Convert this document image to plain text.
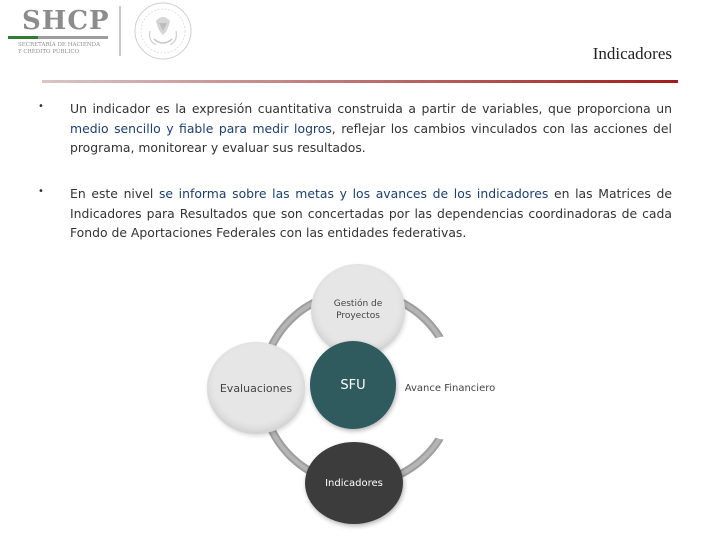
SHCP
SECRETARÍA DE HACIENDA
Y CRÉDITO PÚBLICO	Indicadores
• Un indicador es la expresión cuantitativa construida a partir de variables, que proporciona un medio sencillo y fiable para medir logros, reflejar los cambios vinculados con las acciones del programa, monitorear y evaluar sus resultados.
• En este nivel se informa sobre las metas y los avances de los indicadores en las Matrices de Indicadores para Resultados que son concertadas por las dependencias coordinadoras de cada Fondo de Aportaciones Federales con las entidades federativas.
Gestión de Proyectos
Evaluaciones	Avance Financiero
SFU
Indicadores
